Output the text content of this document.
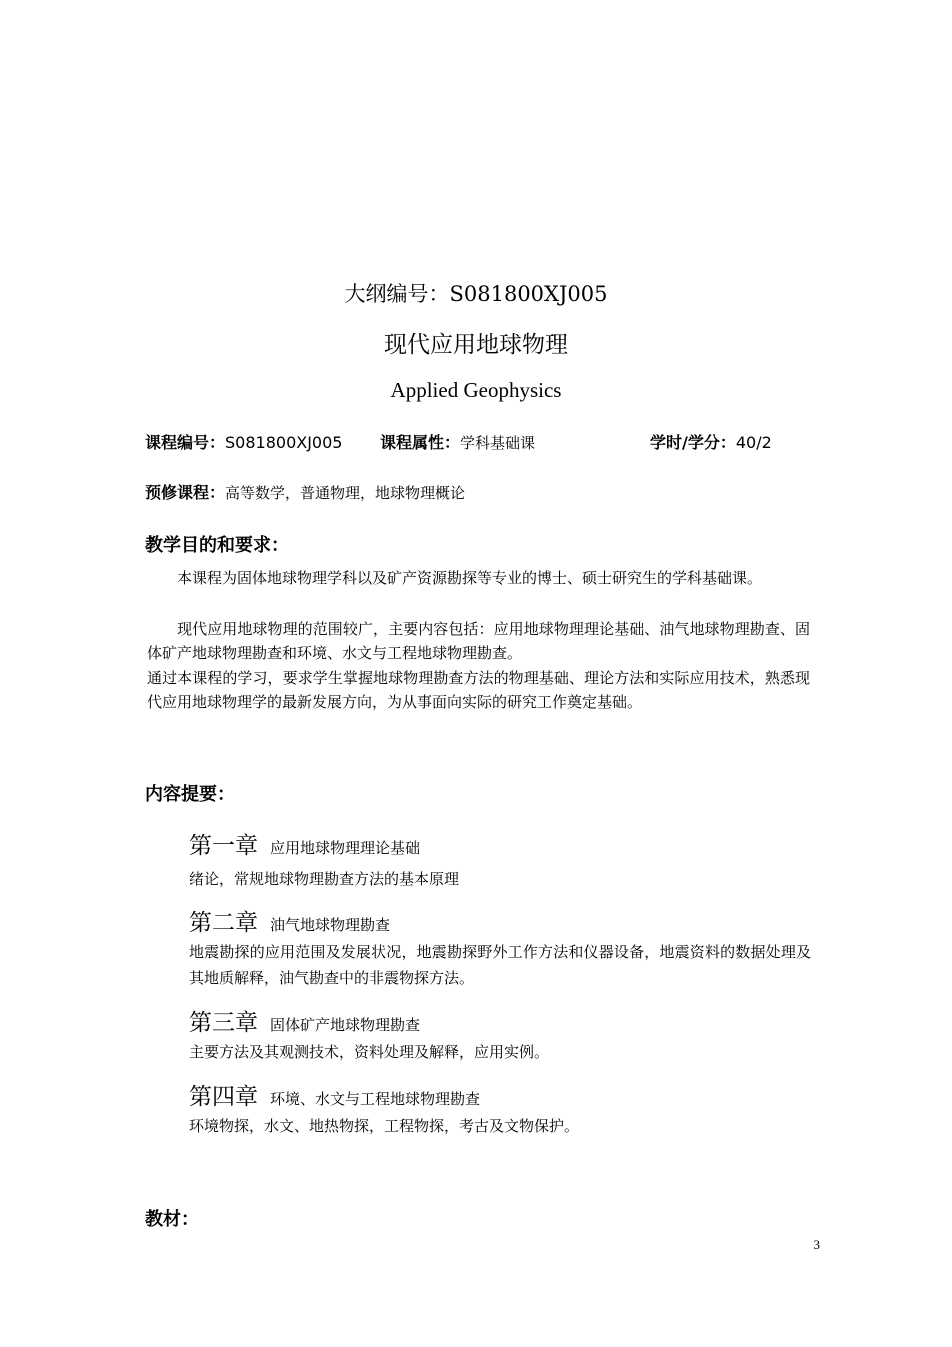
大纲编号：S081800XJ005
现代应用地球物理
Applied Geophysics
课程编号：S081800XJ005 课程属性：学科基础课	学时/学分：40/2
预修课程：高等数学，普通物理，地球物理概论
教学目的和要求：
本课程为固体地球物理学科以及矿产资源勘探等专业的博士、硕士研究生的学科基础课。
现代应用地球物理的范围较广，主要内容包括：应用地球物理理论基础、油气地球物理勘查、固体矿产地球物理勘查和环境、水文与工程地球物理勘查。
通过本课程的学习，要求学生掌握地球物理勘查方法的物理基础、理论方法和实际应用技术，熟悉现代应用地球物理学的最新发展方向，为从事面向实际的研究工作奠定基础。
内容提要：
第一章 应用地球物理理论基础
绪论，常规地球物理勘查方法的基本原理
第二章 油气地球物理勘查
地震勘探的应用范围及发展状况，地震勘探野外工作方法和仪器设备，地震资料的数据处理及其地质解释，油气勘查中的非震物探方法。
第三章 固体矿产地球物理勘查
主要方法及其观测技术，资料处理及解释，应用实例。
第四章 环境、水文与工程地球物理勘查
环境物探，水文、地热物探，工程物探，考古及文物保护。
教材：
3
